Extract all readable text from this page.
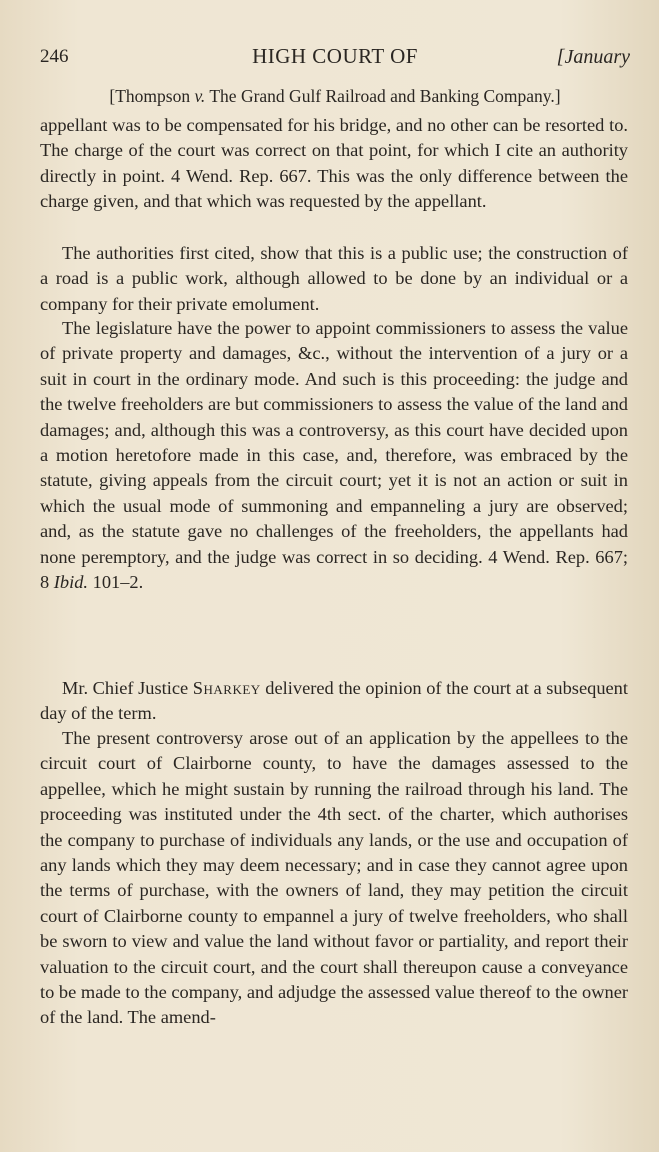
246	HIGH COURT OF	[January
[Thompson v. The Grand Gulf Railroad and Banking Company.]

appellant was to be compensated for his bridge, and no other can be resorted to. The charge of the court was correct on that point, for which I cite an authority directly in point. 4 Wend. Rep. 667. This was the only difference between the charge given, and that which was requested by the appellant.

The authorities first cited, show that this is a public use; the construction of a road is a public work, although allowed to be done by an individual or a company for their private emolument.

The legislature have the power to appoint commissioners to assess the value of private property and damages, &c., without the intervention of a jury or a suit in court in the ordinary mode. And such is this proceeding: the judge and the twelve freeholders are but commissioners to assess the value of the land and damages; and, although this was a controversy, as this court have decided upon a motion heretofore made in this case, and, therefore, was embraced by the statute, giving appeals from the circuit court; yet it is not an action or suit in which the usual mode of summoning and empanneling a jury are observed; and, as the statute gave no challenges of the freeholders, the appellants had none peremptory, and the judge was correct in so deciding. 4 Wend. Rep. 667; 8 Ibid. 101–2.

Mr. Chief Justice Sharkey delivered the opinion of the court at a subsequent day of the term.

The present controversy arose out of an application by the appellees to the circuit court of Clairborne county, to have the damages assessed to the appellee, which he might sustain by running the railroad through his land. The proceeding was instituted under the 4th sect. of the charter, which authorises the company to purchase of individuals any lands, or the use and occupation of any lands which they may deem necessary; and in case they cannot agree upon the terms of purchase, with the owners of land, they may petition the circuit court of Clairborne county to empannel a jury of twelve freeholders, who shall be sworn to view and value the land without favor or partiality, and report their valuation to the circuit court, and the court shall thereupon cause a conveyance to be made to the company, and adjudge the assessed value thereof to the owner of the land. The amend-
